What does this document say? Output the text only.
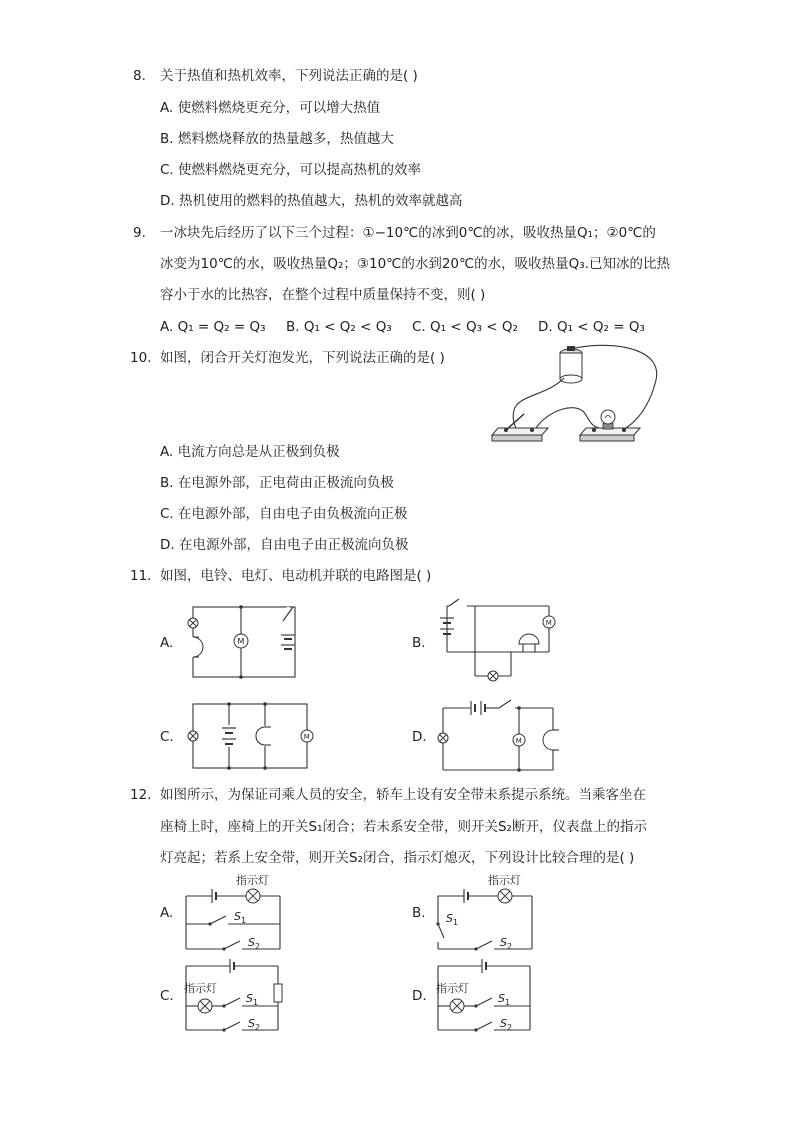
8. 关于热值和热机效率，下列说法正确的是( )
A. 使燃料燃烧更充分，可以增大热值
B. 燃料燃烧释放的热量越多，热值越大
C. 使燃料燃烧更充分，可以提高热机的效率
D. 热机使用的燃料的热值越大，热机的效率就越高
9. 一冰块先后经历了以下三个过程：①−10℃的冰到0℃的冰，吸收热量Q₁；②0℃的
冰变为10℃的水，吸收热量Q₂；③10℃的水到20℃的水，吸收热量Q₃.已知冰的比热
容小于水的比热容，在整个过程中质量保持不变，则( )
A. Q₁ = Q₂ = Q₃ B. Q₁ < Q₂ < Q₃ C. Q₁ < Q₃ < Q₂ D. Q₁ < Q₂ = Q₃
10. 如图，闭合开关灯泡发光，下列说法正确的是( )
A. 电流方向总是从正极到负极
B. 在电源外部，正电荷由正极流向负极
C. 在电源外部，自由电子由负极流向正极
D. 在电源外部，自由电子由正极流向负极
11. 如图，电铃、电灯、电动机并联的电路图是( )
A.	M	B.
M
C.	M	D.	M
12. 如图所示，为保证司乘人员的安全，轿车上设有安全带未系提示系统。当乘客坐在
座椅上时，座椅上的开关S₁闭合；若未系安全带，则开关S₂断开，仪表盘上的指示
灯亮起；若系上安全带，则开关S₂闭合，指示灯熄灭，下列设计比较合理的是( )
A.
指示灯
$S_1$
$S_2$
B.
指示灯
$S_1$
$S_2$
C. 指示灯
$S_1$
$S_2$
D. 指示灯
$S_1$
$S_2$
